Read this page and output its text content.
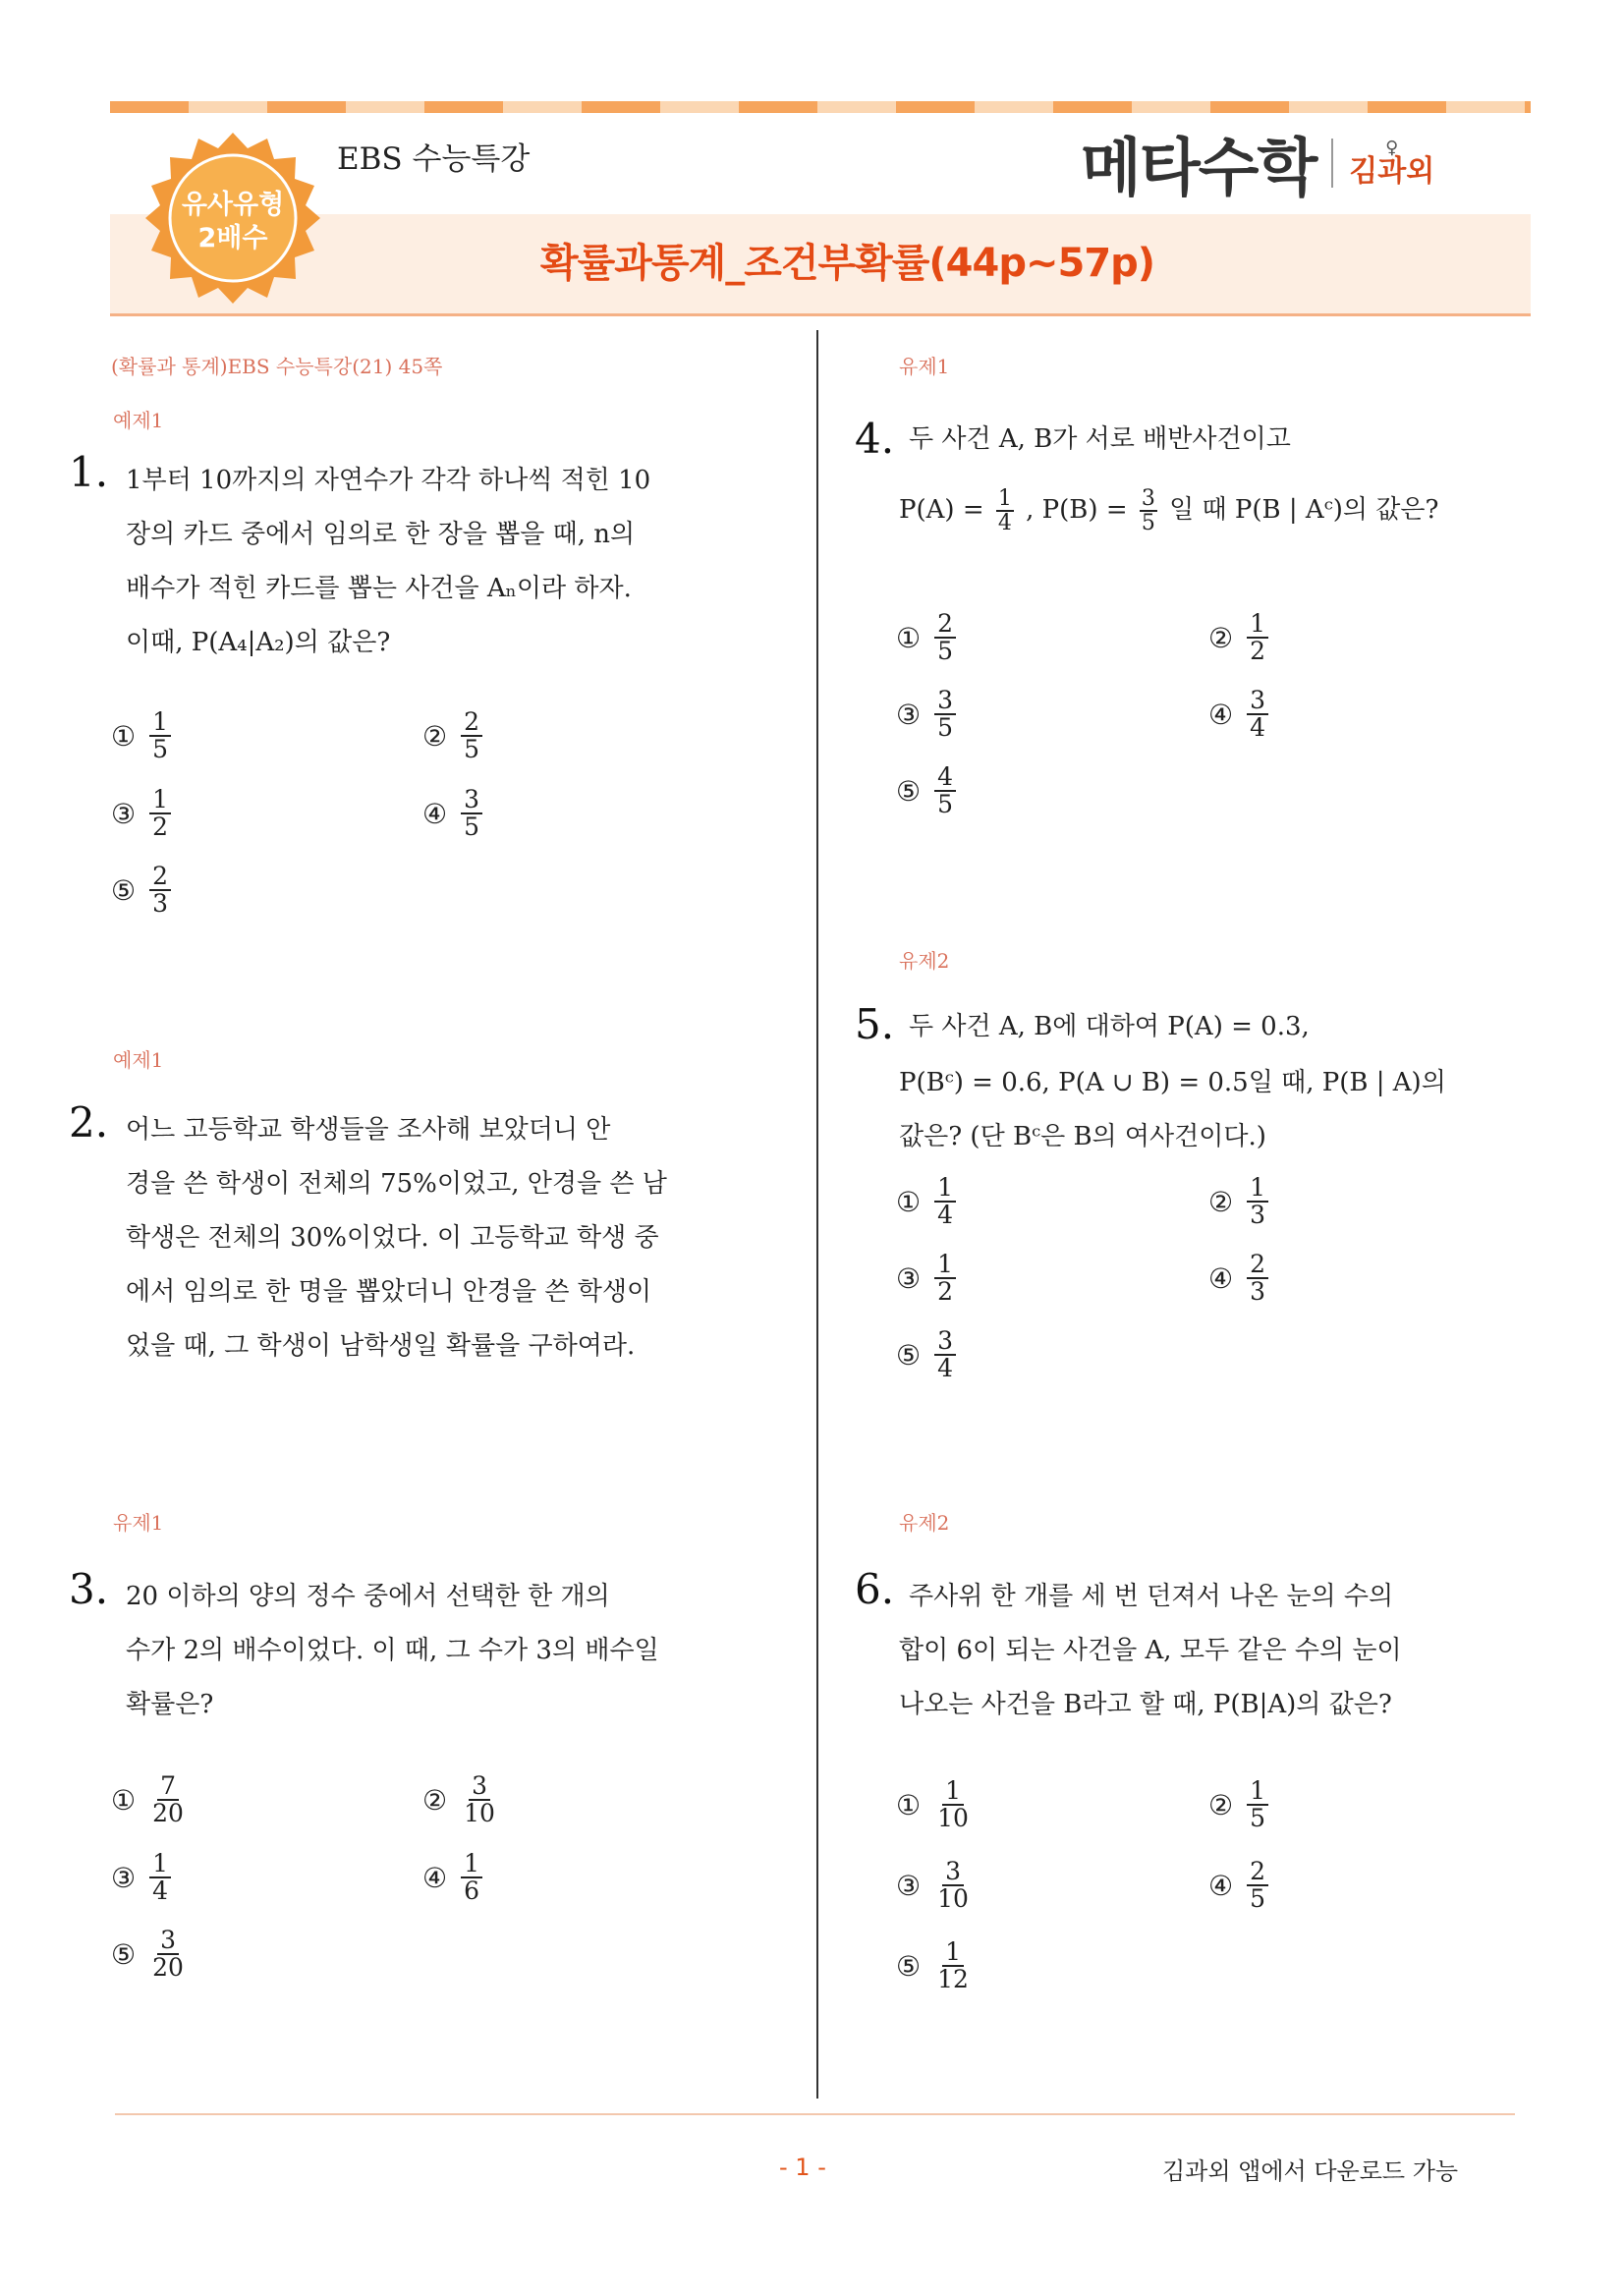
유사유형
2배수
EBS 수능특강	메타수학	♀
김과외
확률과통계_조건부확률(44p~57p)
(확률과 통계)EBS 수능특강(21) 45쪽
예제1
1. 1부터 10까지의 자연수가 각각 하나씩 적힌 10
장의 카드 중에서 임의로 한 장을 뽑을 때, n의
배수가 적힌 카드를 뽑는 사건을 Aₙ이라 하자.
이때, P(A₄|A₂)의 값은?
① $\frac{1}{5}$	② $\frac{2}{5}$
③ $\frac{1}{2}$	④ $\frac{3}{5}$
⑤ $\frac{2}{3}$
예제1
2. 어느 고등학교 학생들을 조사해 보았더니 안
경을 쓴 학생이 전체의 75%이었고, 안경을 쓴 남
학생은 전체의 30%이었다. 이 고등학교 학생 중
에서 임의로 한 명을 뽑았더니 안경을 쓴 학생이
었을 때, 그 학생이 남학생일 확률을 구하여라.
유제1
3. 20 이하의 양의 정수 중에서 선택한 한 개의
수가 2의 배수이었다. 이 때, 그 수가 3의 배수일
확률은?
① $\frac{7}{20}$	② $\frac{3}{10}$
③ $\frac{1}{4}$	④ $\frac{1}{6}$
⑤ $\frac{3}{20}$
유제1
4. 두 사건 A, B가 서로 배반사건이고
$P(A) = \frac{1}{4}$ , $P(B) = \frac{3}{5}$ 일 때 P(B | Aᶜ)의 값은?
① $\frac{2}{5}$	② $\frac{1}{2}$
③ $\frac{3}{5}$	④ $\frac{3}{4}$
⑤ $\frac{4}{5}$
유제2
5. 두 사건 A, B에 대하여 P(A) = 0.3,
P(Bᶜ) = 0.6, P(A ∪ B) = 0.5일 때, P(B | A)의
값은? (단 Bᶜ은 B의 여사건이다.)
① $\frac{1}{4}$	② $\frac{1}{3}$
③ $\frac{1}{2}$	④ $\frac{2}{3}$
⑤ $\frac{3}{4}$
유제2
6. 주사위 한 개를 세 번 던져서 나온 눈의 수의
합이 6이 되는 사건을 A, 모두 같은 수의 눈이
나오는 사건을 B라고 할 때, P(B|A)의 값은?
① $\frac{1}{10}$	② $\frac{1}{5}$
③ $\frac{3}{10}$	④ $\frac{2}{5}$
⑤ $\frac{1}{12}$
- 1 -	김과외 앱에서 다운로드 가능
